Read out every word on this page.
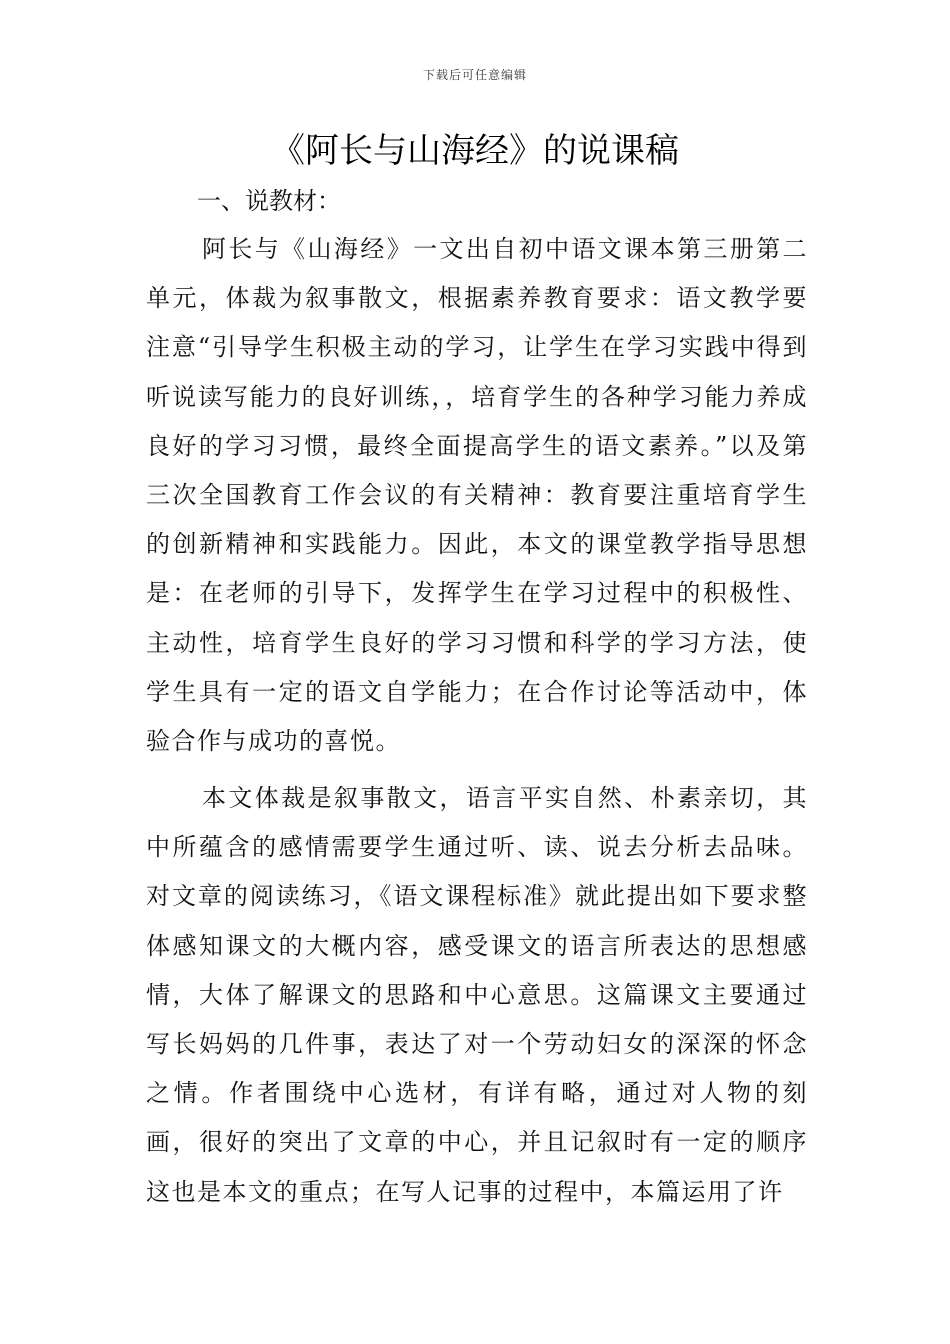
下载后可任意编辑
《阿长与山海经》的说课稿

一、说教材：

阿长与《山海经》一文出自初中语文课本第三册第二单元，体裁为叙事散文，根据素养教育要求：语文教学要注意“引导学生积极主动的学习，让学生在学习实践中得到听说读写能力的良好训练，，培育学生的各种学习能力养成良好的学习习惯，最终全面提高学生的语文素养。”以及第三次全国教育工作会议的有关精神：教育要注重培育学生的创新精神和实践能力。因此，本文的课堂教学指导思想是：在老师的引导下，发挥学生在学习过程中的积极性、主动性，培育学生良好的学习习惯和科学的学习方法，使学生具有一定的语文自学能力；在合作讨论等活动中，体验合作与成功的喜悦。

本文体裁是叙事散文，语言平实自然、朴素亲切，其中所蕴含的感情需要学生通过听、读、说去分析去品味。对文章的阅读练习，《语文课程标准》就此提出如下要求整体感知课文的大概内容，感受课文的语言所表达的思想感情，大体了解课文的思路和中心意思。这篇课文主要通过写长妈妈的几件事，表达了对一个劳动妇女的深深的怀念之情。作者围绕中心选材，有详有略，通过对人物的刻画，很好的突出了文章的中心，并且记叙时有一定的顺序这也是本文的重点；在写人记事的过程中，本篇运用了许
